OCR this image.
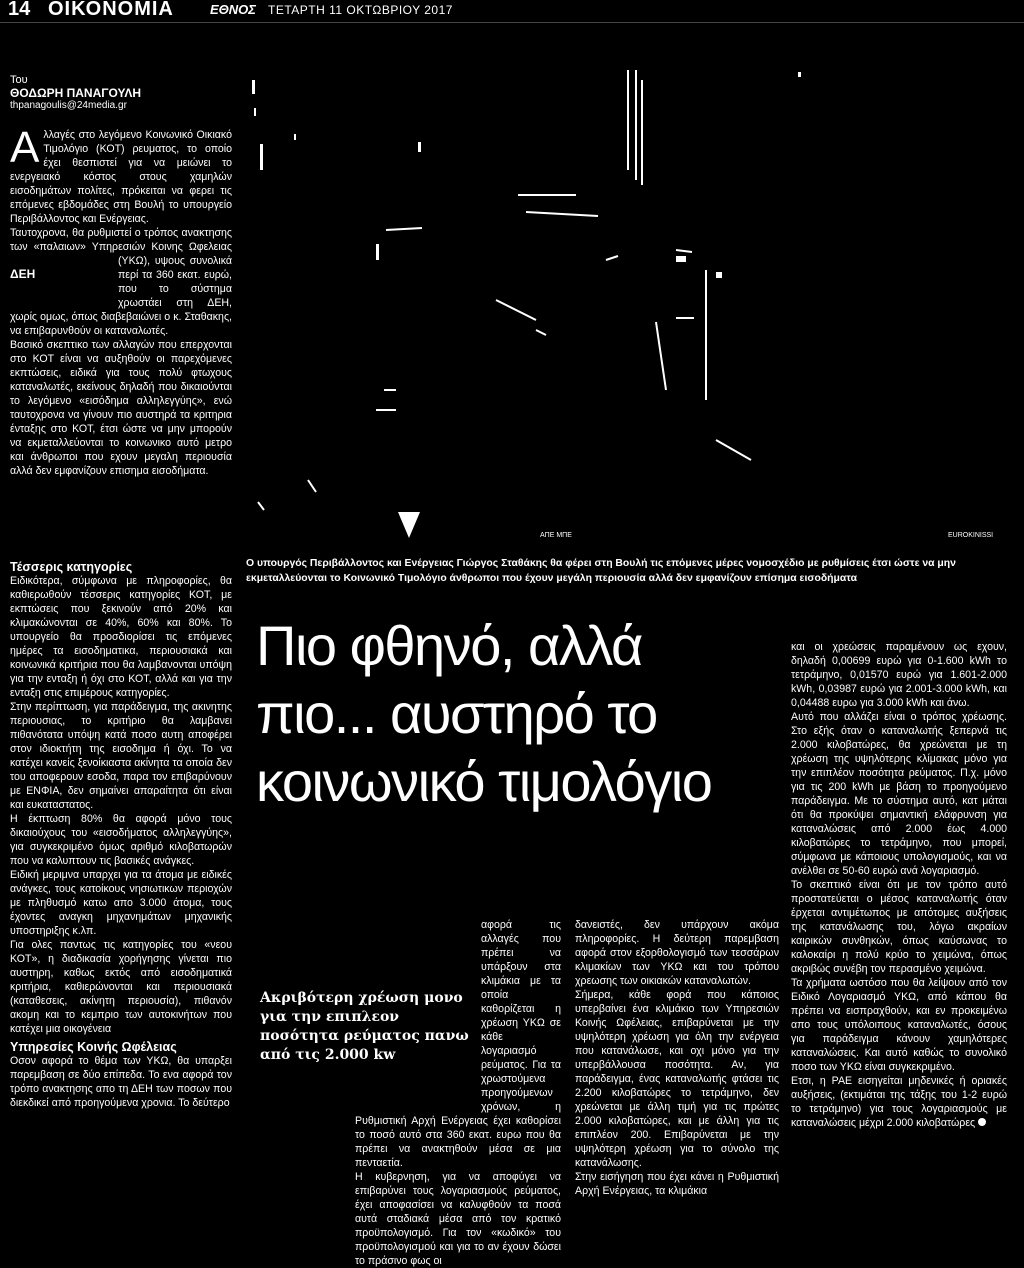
14 ΟΙΚΟΝΟΜΙΑ	ΕΘΝΟΣ ΤΕΤΑΡΤΗ 11 ΟΚΤΩΒΡΙΟΥ 2017
Του
ΘΟΔΩΡΗ ΠΑΝΑΓΟΥΛΗ
thpanagoulis@24media.gr

Αλλαγές στο λεγόμενο Κοινωνικό Οικιακό Τιμολόγιο (ΚΟΤ) ρευματος, το οποίο έχει θεσπιστεί για να μειώνει το ενεργειακό κόστος στους χαμηλών εισοδημάτων πολίτες, πρόκειται να φερει τις επόμενες εβδομάδες στη Βουλή το υπουργείο Περιβάλλοντος και Ενέργειας.

Ταυτοχρονα, θα ρυθμιστεί ο τρόπος ανακτησης των «παλαιων» Υπηρεσιών Κοινης Ωφελειας (ΥΚΩ),
ΔΕΗ
υψους συνολικά περί τα 360 εκατ. ευρώ, που το σύστημα χρωστάει στη ΔΕΗ, χωρίς ομως, όπως διαβεβαιώνει ο κ. Σταθακης, να επιβαρυνθούν οι καταναλωτές.

Βασικό σκεπτικο των αλλαγών που επερχονται στο ΚΟΤ είναι να αυξηθούν οι παρεχόμενες εκπτώσεις, ειδικά για τους πολύ φτωχους καταναλωτές, εκείνους δηλαδή που δικαιούνται το λεγόμενο «εισόδημα αλληλεγγύης», ενώ ταυτοχρονα να γίνουν πιο αυστηρά τα κριτηρια ένταξης στο ΚΟΤ, έτσι ώστε να μην μπορούν να εκμεταλλεύονται το κοινωνικο αυτό μετρο και άνθρωποι που εχουν μεγαλη περιουσία αλλά δεν εμφανίζουν επισημα εισοδήματα.

Τέσσερις κατηγορίες

Ειδικότερα, σύμφωνα με πληροφορίες, θα καθιερωθούν τέσσερις κατηγορίες ΚΟΤ, με εκπτώσεις που ξεκινούν από 20% και κλιμακώνονται σε 40%, 60% και 80%. Το υπουργείο θα προσδιορίσει τις επόμενες ημέρες τα εισοδηματικα, περιουσιακά και κοινωνικά κριτήρια που θα λαμβανονται υπόψη για την ενταξη ή όχι στο ΚΟΤ, αλλά και για την ενταξη στις επιμέρους κατηγορίες.

Στην περίπτωση, για παράδειγμα, της ακινητης περιουσιας, το κριτήριο θα λαμβανει πιθανότατα υπόψη κατά ποσο αυτη αποφέρει στον ιδιοκτήτη της εισοδημα ή όχι. Το να κατέχει κανείς ξενοίκιαστα ακίνητα τα οποία δεν του αποφερουν εσοδα, παρα τον επιβαρύνουν με ΕΝΦΙΑ, δεν σημαίνει απαραίτητα ότι είναι και ευκαταστατος.

Η έκπτωση 80% θα αφορά μόνο τους δικαιούχους του «εισοδήματος αλληλεγγύης», για συγκεκριμένο όμως αριθμό κιλοβατωρών που να καλυπτουν τις βασικές ανάγκες.

Ειδική μεριμνα υπαρχει για τα άτομα με ειδικές ανάγκες, τους κατοίκους νησιωτικων περιοχών με πληθυσμό κατω απο 3.000 άτομα, τους έχοντες αναγκη μηχανημάτων μηχανικής υποστηριξης κ.λπ.

Για ολες παντως τις κατηγορίες του «νεου ΚΟΤ», η διαδικασία χορήγησης γίνεται πιο αυστηρη, καθως εκτός από εισοδηματικά κριτήρια, καθιερώνονται και περιουσιακά (καταθεσεις, ακίνητη περιουσία), πιθανόν ακομη και το κεμπριο των αυτοκινήτων που κατέχει μια οικογένεια

Υπηρεσίες Κοινής Ωφέλειας

Οσον αφορά το θέμα των ΥΚΩ, θα υπαρξει παρεμβαση σε δύο επίπεδα. Το ενα αφορά τον τρόπο ανακτησης απο τη ΔΕΗ των ποσων που διεκδικεί από προηγούμενα χρονια. Το δεύτερο

ΑΠΕ ΜΠΕ	EUROKINISSI
Ο υπουργός Περιβάλλοντος και Ενέργειας Γιώργος Σταθάκης θα φέρει στη Βουλή τις επόμενες μέρες νομοσχέδιο με ρυθμίσεις έτσι ώστε να μην εκμεταλλεύονται το Κοινωνικό Τιμολόγιο άνθρωποι που έχουν μεγάλη περιουσία αλλά δεν εμφανίζουν επίσημα εισοδήματα
Πιο φθηνό, αλλά
πιο... αυστηρό το
κοινωνικό τιμολόγιο

και οι χρεώσεις παραμένουν ως εχουν, δηλαδή 0,00699 ευρώ για 0-1.600 kWh το τετράμηνο, 0,01570 ευρώ για 1.601-2.000 kWh, 0,03987 ευρώ για 2.001-3.000 kWh, και 0,04488 ευρω για 3.000 kWh και άνω.

Αυτό που αλλάζει είναι ο τρόπος χρέωσης. Στο εξής όταν ο καταναλωτής ξεπερνά τις 2.000 κιλοβατώρες, θα χρεώνεται με τη χρέωση της υψηλότερης κλίμακας μόνο για την επιπλέον ποσότητα ρεύματος. Π.χ. μόνο για τις 200 kWh με βάση το προηγούμενο παράδειγμα. Με το σύστημα αυτό, κατ μάται ότι θα προκύψει σημαντική ελάφρυνση για καταναλώσεις από 2.000 έως 4.000 κιλοβατώρες το τετράμηνο, που μπορεί, σύμφωνα με κάποιους υπολογισμούς, και να ανέλθει σε 50-60 ευρώ ανά λογαριασμό.

Το σκεπτικό είναι ότι με τον τρόπο αυτό προστατεύεται ο μέσος καταναλωτής όταν έρχεται αντιμέτωπος με απότομες αυξήσεις της κατανάλωσης του, λόγω ακραίων καιρικών συνθηκών, όπως καύσωνας το καλοκαίρι η πολύ κρύο το χειμώνα, όπως ακριβώς συνέβη τον περασμένο χειμώνα.

Τα χρήματα ωστόσο που θα λείψουν από τον Ειδικό Λογαριασμό ΥΚΩ, από κάπου θα πρέπει να εισπραχθούν, και εν προκειμένω απο τους υπόλοιπους καταναλωτές, όσους για παράδειγμα κάνουν χαμηλότερες καταναλώσεις. Και αυτό καθώς το συνολικό ποσο των ΥΚΩ είναι συγκεκριμένο.

Ετσι, η ΡΑΕ εισηγείται μηδενικές ή οριακές αυξήσεις, (εκτιμάται της τάξης του 1-2 ευρώ το τετράμηνο) για τους λογαριασμούς με καταναλώσεις μέχρι 2.000 κιλοβατώρες

Ακριβότερη χρέωση μονο για την επιπλεον ποσότητα ρεύματος πανω από τις 2.000 kw

αφορά τις αλλαγές που πρέπει να υπάρξουν στα κλιμάκια με τα οποία καθορίζεται η χρέωση ΥΚΩ σε κάθε λογαριασμό ρεύματος. Για τα χρωστούμενα προηγούμενων χρόνων, η Ρυθμιστική Αρχή Ενέργειας έχει καθορίσει το ποσό αυτό στα 360 εκατ. ευρω που θα πρέπει να ανακτηθούν μέσα σε μια πενταετία.

Η κυβερνηση, για να αποφύγει να επιβαρύνει τους λογαριασμούς ρεύματος, έχει αποφασίσει να καλυφθούν τα ποσά αυτά σταδιακά μέσα από τον κρατικό προϋπολογισμό. Για τον «κωδικό» του προϋπολογισμού και για το αν έχουν δώσει το πράσινο φως οι

δανειστές, δεν υπάρχουν ακόμα πληροφορίες. Η δεύτερη παρεμβαση αφορά στον εξορθολογισμό των τεσσάρων κλιμακίων των ΥΚΩ και του τρόπου χρεωσης των οικιακών καταναλωτών.

Σήμερα, κάθε φορά που κάποιος υπερβαίνει ένα κλιμάκιο των Υπηρεσιών Κοινής Ωφέλειας, επιβαρύνεται με την υψηλότερη χρέωση για όλη την ενέργεια που κατανάλωσε, και οχι μόνο για την υπερβάλλουσα ποσότητα. Αν, για παράδειγμα, ένας καταναλωτής φτάσει τις 2.200 κιλοβατώρες το τετράμηνο, δεν χρεώνεται με άλλη τιμή για τις πρώτες 2.000 κιλοβατώρες, και με άλλη για τις επιπλέον 200. Επιβαρύνεται με την υψηλότερη χρέωση για το σύνολο της κατανάλωσης.

Στην εισήγηση που έχει κάνει η Ρυθμιστική Αρχή Ενέργειας, τα κλιμάκια
